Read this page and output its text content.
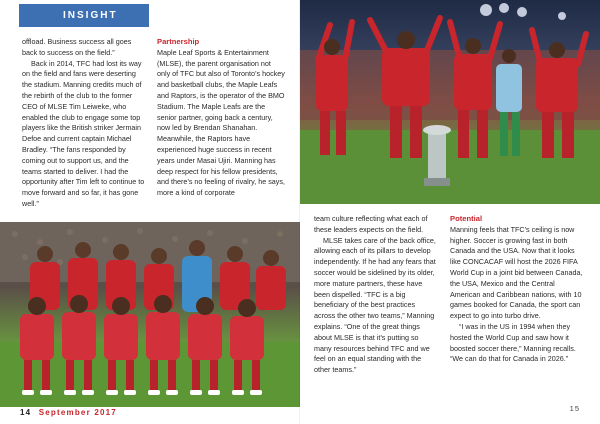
INSIGHT

offload. Business success all goes back to success on the field.”

Back in 2014, TFC had lost its way on the field and fans were deserting the stadium. Manning credits much of the rebirth of the club to the former CEO of MLSE Tim Leiweke, who enabled the club to engage some top players like the British striker Jermain Defoe and current captain Michael Bradley. “The fans responded by coming out to support us, and the teams started to deliver. I had the opportunity after Tim left to continue to move forward and so far, it has gone well.”

Partnership

Maple Leaf Sports & Entertainment (MLSE), the parent organisation not only of TFC but also of Toronto’s hockey and basketball clubs, the Maple Leafs and Raptors, is the operator of the BMO Stadium. The Maple Leafs are the senior partner, going back a century, now led by Brendan Shanahan. Meanwhile, the Raptors have experienced huge success in recent years under Masai Ujiri. Manning has deep respect for his fellow presidents, and there’s no feeling of rivalry, he says, more a kind of corporate

14 September 2017

team culture reflecting what each of these leaders expects on the field.

MLSE takes care of the back office, allowing each of its pillars to develop independently. If he had any fears that soccer would be sidelined by its older, more mature partners, these have been dispelled. “TFC is a big beneficiary of the best practices across the other two teams,” Manning explains. “One of the great things about MLSE is that it’s putting so many resources behind TFC and we feel on an equal standing with the other teams.”

Potential

Manning feels that TFC’s ceiling is now higher. Soccer is growing fast in both Canada and the USA. Now that it looks like CONCACAF will host the 2026 FIFA World Cup in a joint bid between Canada, the USA, Mexico and the Central American and Caribbean nations, with 10 games booked for Canada, the sport can expect to go into turbo drive.

“I was in the US in 1994 when they hosted the World Cup and saw how it boosted soccer there,” Manning recalls. “We can do that for Canada in 2026.”

15
